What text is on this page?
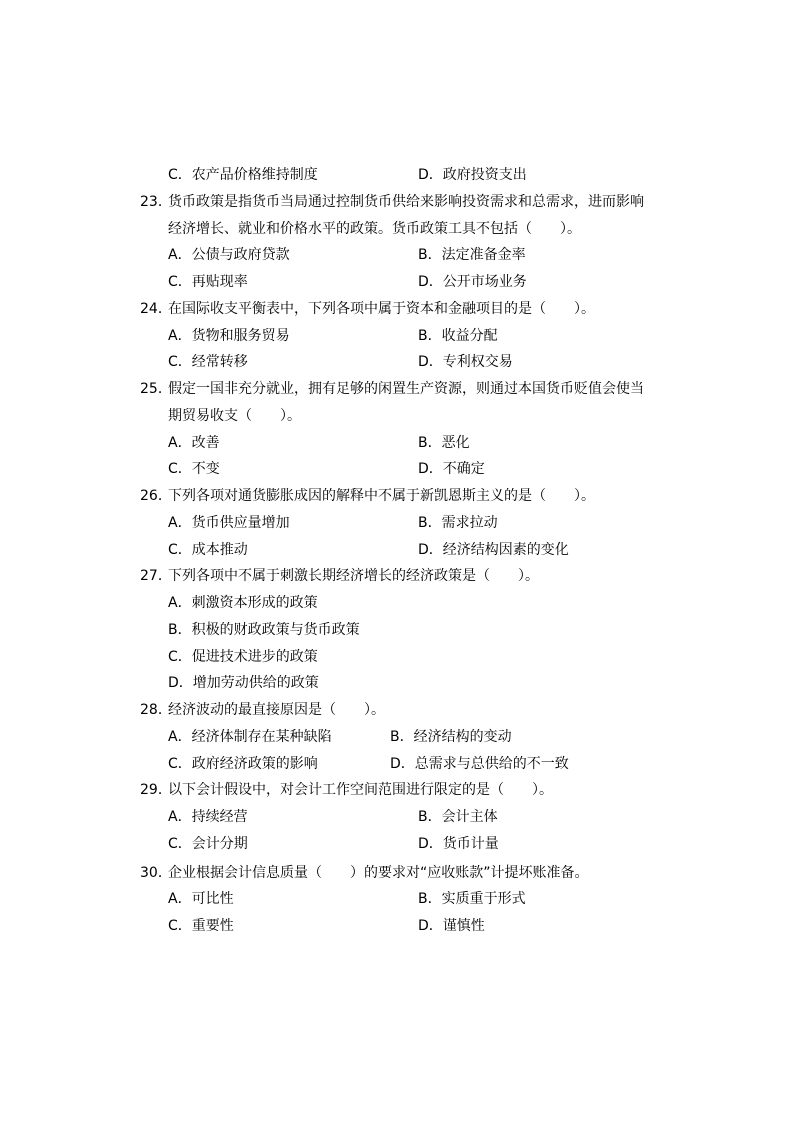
C．农产品价格维持制度	D．政府投资支出
23．
货币政策是指货币当局通过控制货币供给来影响投资需求和总需求，进而影响
经济增长、就业和价格水平的政策。货币政策工具不包括（　　）。
A．公债与政府贷款	B．法定准备金率
C．再贴现率	D．公开市场业务
24．
在国际收支平衡表中，下列各项中属于资本和金融项目的是（　　）。
A．货物和服务贸易	B．收益分配
C．经常转移	D．专利权交易
25．
假定一国非充分就业，拥有足够的闲置生产资源，则通过本国货币贬值会使当
期贸易收支（　　）。
A．改善	B．恶化
C．不变	D．不确定
26．
下列各项对通货膨胀成因的解释中不属于新凯恩斯主义的是（　　）。
A．货币供应量增加	B．需求拉动
C．成本推动	D．经济结构因素的变化
27．
下列各项中不属于刺激长期经济增长的经济政策是（　　）。
A．刺激资本形成的政策
B．积极的财政政策与货币政策
C．促进技术进步的政策
D．增加劳动供给的政策
28．
经济波动的最直接原因是（　　）。
A．经济体制存在某种缺陷	B．经济结构的变动
C．政府经济政策的影响	D．总需求与总供给的不一致
29．
以下会计假设中，对会计工作空间范围进行限定的是（　　）。
A．持续经营	B．会计主体
C．会计分期	D．货币计量
30．
企业根据会计信息质量（　　）的要求对“应收账款”计提坏账准备。
A．可比性	B．实质重于形式
C．重要性	D．谨慎性
